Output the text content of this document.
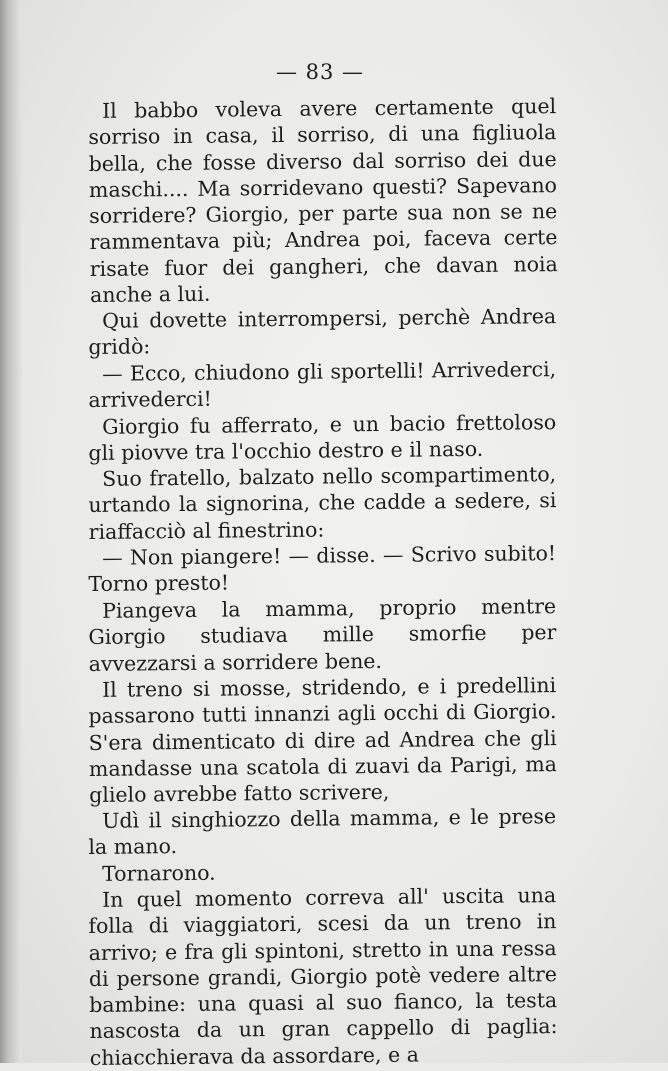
— 83 —

Il babbo voleva avere certamente quel sorriso in casa, il sorriso, di una figliuola bella, che fosse diverso dal sorriso dei due maschi.... Ma sorridevano questi? Sapevano sorridere? Giorgio, per parte sua non se ne rammentava più; Andrea poi, faceva certe risate fuor dei gangheri, che davan noia anche a lui.

Qui dovette interrompersi, perchè Andrea gridò:

— Ecco, chiudono gli sportelli! Arrivederci, arrivederci!

Giorgio fu afferrato, e un bacio frettoloso gli piovve tra l'occhio destro e il naso.

Suo fratello, balzato nello scompartimento, urtando la signorina, che cadde a sedere, si riaffacciò al finestrino:

— Non piangere! — disse. — Scrivo subito! Torno presto!

Piangeva la mamma, proprio mentre Giorgio studiava mille smorfie per avvezzarsi a sorridere bene.

Il treno si mosse, stridendo, e i predellini passarono tutti innanzi agli occhi di Giorgio. S'era dimenticato di dire ad Andrea che gli mandasse una scatola di zuavi da Parigi, ma glielo avrebbe fatto scrivere,

Udì il singhiozzo della mamma, e le prese la mano.

Tornarono.

In quel momento correva all' uscita una folla di viaggiatori, scesi da un treno in arrivo; e fra gli spintoni, stretto in una ressa di persone grandi, Giorgio potè vedere altre bambine: una quasi al suo fianco, la testa nascosta da un gran cappello di paglia: chiacchierava da assordare, e a
